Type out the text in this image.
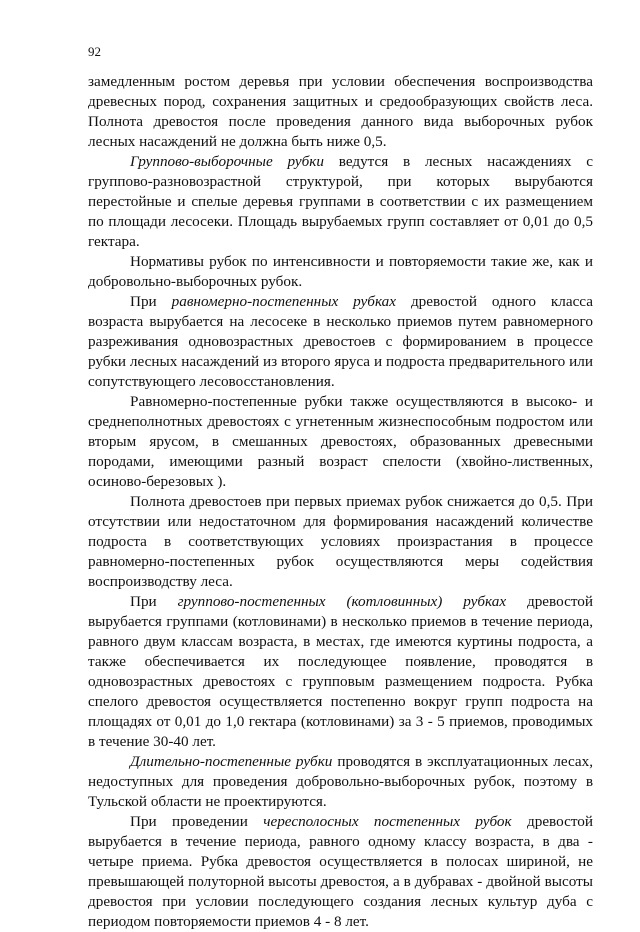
92

замедленным ростом деревья при условии обеспечения воспроизводства древесных пород, сохранения защитных и средообразующих свойств леса. Полнота древостоя после проведения данного вида выборочных рубок лесных насаждений не должна быть ниже 0,5.

Группово-выборочные рубки ведутся в лесных насаждениях с группово-разновозрастной структурой, при которых вырубаются перестойные и спелые деревья группами в соответствии с их размещением по площади лесосеки. Площадь вырубаемых групп составляет от 0,01 до 0,5 гектара.

Нормативы рубок по интенсивности и повторяемости такие же, как и добровольно-выборочных рубок.

При равномерно-постепенных рубках древостой одного класса возраста вырубается на лесосеке в несколько приемов путем равномерного разреживания одновозрастных древостоев с формированием в процессе рубки лесных насаждений из второго яруса и подроста предварительного или сопутствующего лесовосстановления.

Равномерно-постепенные рубки также осуществляются в высоко- и среднеполнотных древостоях с угнетенным жизнеспособным подростом или вторым ярусом, в смешанных древостоях, образованных древесными породами, имеющими разный возраст спелости (хвойно-лиственных, осиново-березовых ).

Полнота древостоев при первых приемах рубок снижается до 0,5. При отсутствии или недостаточном для формирования насаждений количестве подроста в соответствующих условиях произрастания в процессе равномерно-постепенных рубок осуществляются меры содействия воспроизводству леса.

При группово-постепенных (котловинных) рубках древостой вырубается группами (котловинами) в несколько приемов в течение периода, равного двум классам возраста, в местах, где имеются куртины подроста, а также обеспечивается их последующее появление, проводятся в одновозрастных древостоях с групповым размещением подроста. Рубка спелого древостоя осуществляется постепенно вокруг групп подроста на площадях от 0,01 до 1,0 гектара (котловинами) за 3 - 5 приемов, проводимых в течение 30-40 лет.

Длительно-постепенные рубки проводятся в эксплуатационных лесах, недоступных для проведения добровольно-выборочных рубок, поэтому в Тульской области не проектируются.

При проведении чересполосных постепенных рубок древостой вырубается в течение периода, равного одному классу возраста, в два - четыре приема. Рубка древостоя осуществляется в полосах шириной, не превышающей полуторной высоты древостоя, а в дубравах - двойной высоты древостоя при условии последующего создания лесных культур дуба с периодом повторяемости приемов 4 - 8 лет.
